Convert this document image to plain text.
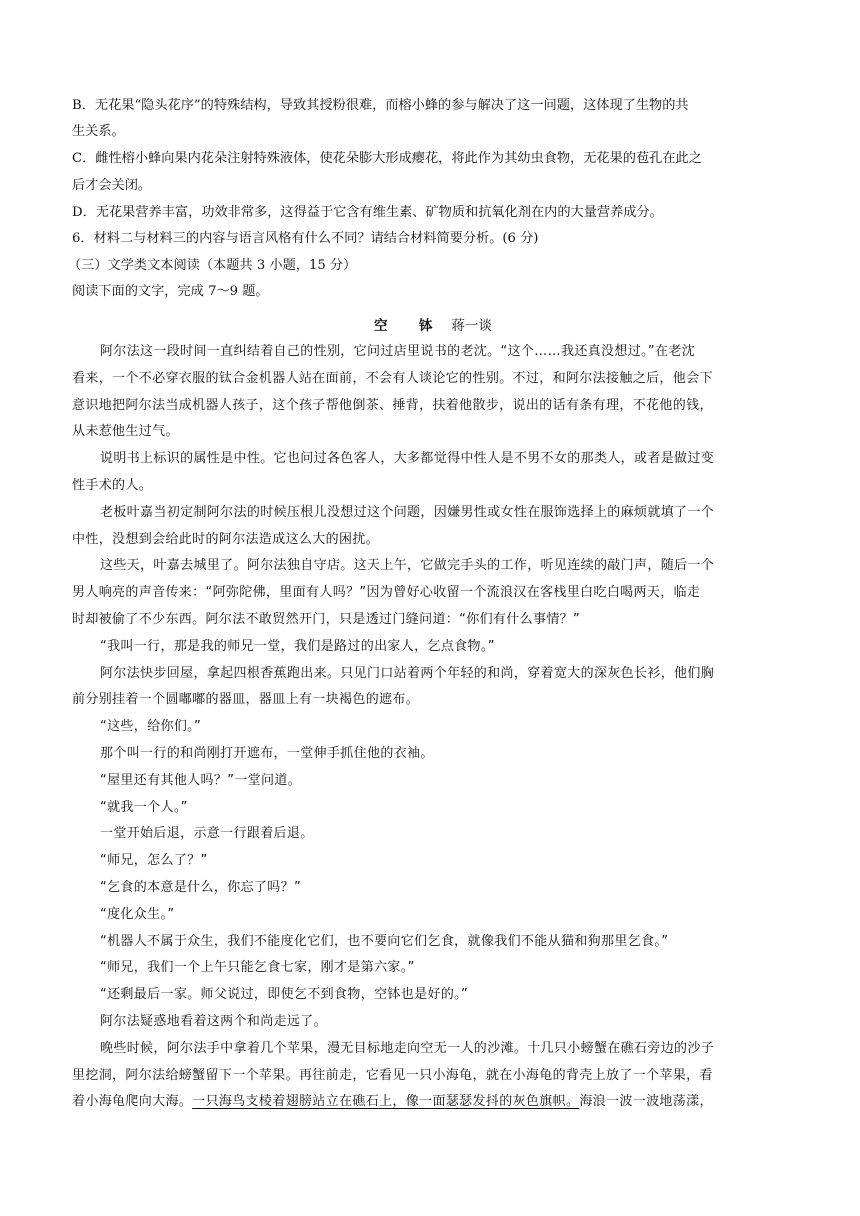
B．无花果“隐头花序”的特殊结构，导致其授粉很难，而榕小蜂的参与解决了这一问题，这体现了生物的共
生关系。
C．雌性榕小蜂向果内花朵注射特殊液体，使花朵膨大形成瘿花，将此作为其幼虫食物，无花果的苞孔在此之
后才会关闭。
D．无花果营养丰富，功效非常多，这得益于它含有维生素、矿物质和抗氧化剂在内的大量营养成分。
6．材料二与材料三的内容与语言风格有什么不同？请结合材料简要分析。(6 分)
（三）文学类文本阅读（本题共 3 小题，15 分）
阅读下面的文字，完成 7～9 题。
空　钵 蒋一谈
阿尔法这一段时间一直纠结着自己的性别，它问过店里说书的老沈。“这个……我还真没想过。”在老沈
看来，一个不必穿衣服的钛合金机器人站在面前，不会有人谈论它的性别。不过，和阿尔法接触之后，他会下
意识地把阿尔法当成机器人孩子，这个孩子帮他倒茶、捶背，扶着他散步，说出的话有条有理，不花他的钱，
从未惹他生过气。
说明书上标识的属性是中性。它也问过各色客人，大多都觉得中性人是不男不女的那类人，或者是做过变
性手术的人。
老板叶嘉当初定制阿尔法的时候压根儿没想过这个问题，因嫌男性或女性在服饰选择上的麻烦就填了一个
中性，没想到会给此时的阿尔法造成这么大的困扰。
这些天，叶嘉去城里了。阿尔法独自守店。这天上午，它做完手头的工作，听见连续的敲门声，随后一个
男人响亮的声音传来：“阿弥陀佛，里面有人吗？”因为曾好心收留一个流浪汉在客栈里白吃白喝两天，临走
时却被偷了不少东西。阿尔法不敢贸然开门，只是透过门缝问道：“你们有什么事情？”
“我叫一行，那是我的师兄一堂，我们是路过的出家人，乞点食物。”
阿尔法快步回屋，拿起四根香蕉跑出来。只见门口站着两个年轻的和尚，穿着宽大的深灰色长衫，他们胸
前分别挂着一个圆嘟嘟的器皿，器皿上有一块褐色的遮布。
“这些，给你们。”
那个叫一行的和尚刚打开遮布，一堂伸手抓住他的衣袖。
“屋里还有其他人吗？”一堂问道。
“就我一个人。”
一堂开始后退，示意一行跟着后退。
“师兄，怎么了？”
“乞食的本意是什么，你忘了吗？”
“度化众生。”
“机器人不属于众生，我们不能度化它们，也不要向它们乞食，就像我们不能从猫和狗那里乞食。”
“师兄，我们一个上午只能乞食七家，刚才是第六家。”
“还剩最后一家。师父说过，即使乞不到食物，空钵也是好的。”
阿尔法疑惑地看着这两个和尚走远了。
晚些时候，阿尔法手中拿着几个苹果，漫无目标地走向空无一人的沙滩。十几只小螃蟹在礁石旁边的沙子
里挖洞，阿尔法给螃蟹留下一个苹果。再往前走，它看见一只小海龟，就在小海龟的背壳上放了一个苹果，看
着小海龟爬向大海。一只海鸟支棱着翅膀站立在礁石上，像一面瑟瑟发抖的灰色旗帜。海浪一波一波地荡漾，
